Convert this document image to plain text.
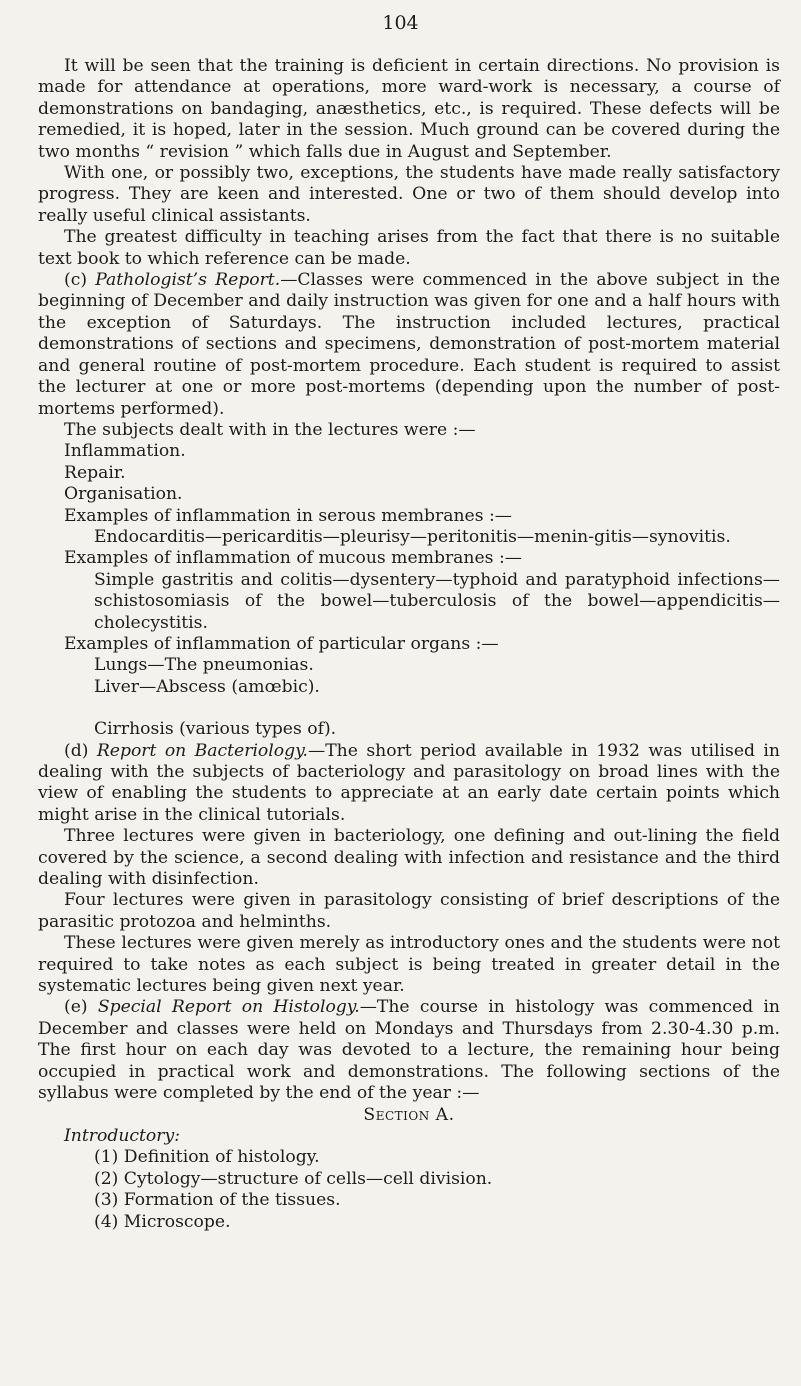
104

It will be seen that the training is deficient in certain directions. No provision is made for attendance at operations, more ward-work is necessary, a course of demonstrations on bandaging, anæsthetics, etc., is required. These defects will be remedied, it is hoped, later in the session. Much ground can be covered during the two months “ revision ” which falls due in August and September.

With one, or possibly two, exceptions, the students have made really satisfactory progress. They are keen and interested. One or two of them should develop into really useful clinical assistants.

The greatest difficulty in teaching arises from the fact that there is no suitable text book to which reference can be made.

(c) Pathologist’s Report.—Classes were commenced in the above subject in the beginning of December and daily instruction was given for one and a half hours with the exception of Saturdays. The instruction included lectures, practical demonstrations of sections and specimens, demonstration of post-mortem material and general routine of post-mortem procedure. Each student is required to assist the lecturer at one or more post-mortems (depending upon the number of post-mortems performed).

The subjects dealt with in the lectures were :—

Inflammation.

Repair.

Organisation.

Examples of inflammation in serous membranes :—

Endocarditis—pericarditis—pleurisy—peritonitis—menin-gitis—synovitis.

Examples of inflammation of mucous membranes :—

Simple gastritis and colitis—dysentery—typhoid and paratyphoid infections—schistosomiasis of the bowel—tuberculosis of the bowel—appendicitis—cholecystitis.

Examples of inflammation of particular organs :—

Lungs—The pneumonias.

Liver—Abscess (amœbic).

Cirrhosis (various types of).

(d) Report on Bacteriology.—The short period available in 1932 was utilised in dealing with the subjects of bacteriology and parasitology on broad lines with the view of enabling the students to appreciate at an early date certain points which might arise in the clinical tutorials.

Three lectures were given in bacteriology, one defining and out-lining the field covered by the science, a second dealing with infection and resistance and the third dealing with disinfection.

Four lectures were given in parasitology consisting of brief descriptions of the parasitic protozoa and helminths.

These lectures were given merely as introductory ones and the students were not required to take notes as each subject is being treated in greater detail in the systematic lectures being given next year.

(e) Special Report on Histology.—The course in histology was commenced in December and classes were held on Mondays and Thursdays from 2.30-4.30 p.m. The first hour on each day was devoted to a lecture, the remaining hour being occupied in practical work and demonstrations. The following sections of the syllabus were completed by the end of the year :—

Section A.

Introductory:

(1) Definition of histology.

(2) Cytology—structure of cells—cell division.

(3) Formation of the tissues.

(4) Microscope.
